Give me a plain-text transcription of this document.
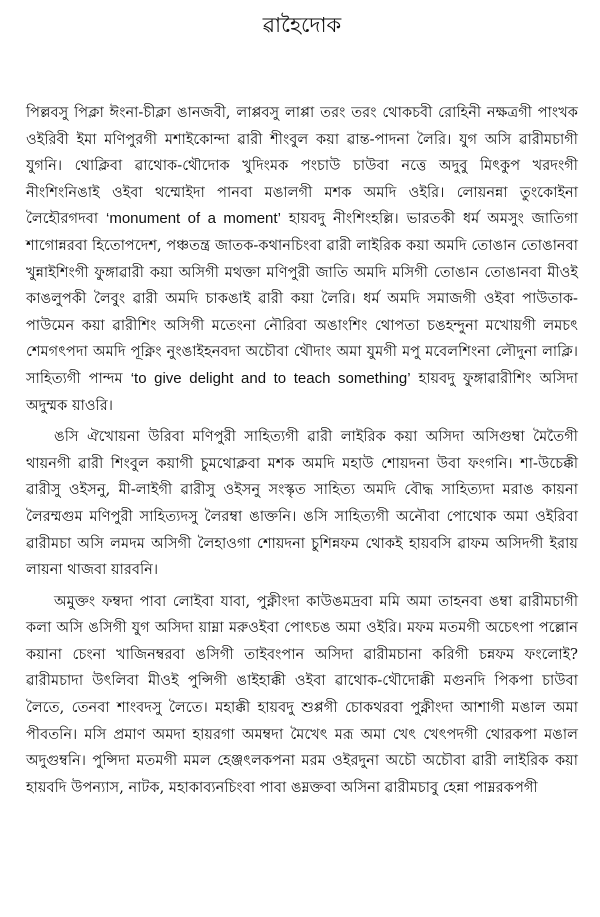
ৱাহৈদোক

পিল্লবসু পিক্লা ঈংনা-চীক্লা ঙানজবী, লাপ্পবসু লাপ্পা তরং তরং থোকচবী রোহিনী নক্ষত্রগী পাংখক ওইরিবী ইমা মণিপুরগী মশাইকোন্দা ৱারী শীংবুল কয়া ৱান্ত-পাদনা লৈরি। যুগ অসি ৱারীমচাগী যুগনি। থোক্লিবা ৱাথোক-থৌদোক খুদিংমক পংচাউ চাউবা নত্তে অদুবু মিৎকুপ খরদংগী নীংশিংনিঙাই ওইবা থম্মোইদা পানবা মঙালগী মশক অমদি ওইরি। লোয়নন্না তুংকোইনা লৈহৌরগদবা ‘monument of a moment’ হায়বদু নীংশিংহল্লি। ভারতকী ধর্ম অমসুং জাতিগা শাগোন্নরবা হিতোপদেশ, পঞ্চতন্ত্র জাতক-কথানচিংবা ৱারী লাইরিক কয়া অমদি তোঙান তোঙানবা খুন্নাইশিংগী ফুঙ্গাৱারী কয়া অসিগী মথক্তা মণিপুরী জাতি অমদি মসিগী তোঙান তোঙানবা মীওই কাঙলুপকী লৈবুং ৱারী অমদি চাকঙাই ৱারী কয়া লৈরি। ধর্ম অমদি সমাজগী ওইবা পাউতাক-পাউমেন কয়া ৱারীশিং অসিগী মতেংনা নৌরিবা অঙাংশিং থোপতা চঙহন্দুনা মখোয়গী লমচৎ শেমগৎপদা অমদি পূক্নিং নুংঙাইহনবদা অচৌবা থৌদাং অমা যুমগী মপু মবেলশিংনা লৌদুনা লাক্লি। সাহিত্যগী পান্দম ‘to give delight and to teach something’ হায়বদু ফুঙ্গাৱারীশিং অসিদা অদুম্মক য়াওরি।

ঙসি ঐখোয়না উরিবা মণিপুরী সাহিত্যগী ৱারী লাইরিক কয়া অসিদা অসিগুম্বা মৈতৈগী থায়নগী ৱারী শিংবুল কয়াগী চুমথোক্লবা মশক অমদি মহাউ শোয়দনা উবা ফংগনি। শা-উচেক্কী ৱারীসু ওইসনু, মী-লাইগী ৱারীসু ওইসনু সংস্কৃত সাহিত্য অমদি বৌদ্ধ সাহিত্যদা মরাঙ কায়না লৈরম্মগুম মণিপুরী সাহিত্যদসু লৈরম্বা ঙাক্তনি। ঙসি সাহিত্যগী অনৌবা পোথোক অমা ওইরিবা ৱারীমচা অসি লমদম অসিগী লৈহাওগা শোয়দনা চুশিন্নফম থোকই হায়বসি ৱাফম অসিদগী ইরায় লায়না থাজবা য়ারবনি।

অমুক্তং ফম্বদা পাবা লোইবা যাবা, পুক্নীংদা কাউঙমদ্রবা মমি অমা তাহনবা ঙম্বা ৱারীমচাগী কলা অসি ঙসিগী যুগ অসিদা য়াম্না মরুওইবা পোৎচঙ অমা ওইরি। মফম মতমগী অচেৎপা পল্লোন কয়ানা চেংনা খাজিনম্বরবা ঙসিগী তাইবংপান অসিদা ৱারীমচানা করিগী চন্নফম ফংলোই? ৱারীমচাদা উৎলিবা মীওই পুন্সিগী ঙাইহাক্কী ওইবা ৱাথোক-থৌদোক্কী মগুনদি পিকপা চাউবা লৈতে, তেনবা শাংবদসু লৈতে। মহাক্কী হায়বদু শুপ্পগী চোকথরবা পুক্নীংদা আশাগী মঙাল অমা পীবতনি। মসি প্রমাণ অমদা হায়রগা অমম্বদা মৈখেৎ মরূ অমা খেৎ খেৎপদগী থোরকপা মঙাল অদুগুম্বনি। পুন্সিদা মতমগী মমল হেঞ্জৎলকপনা মরম ওইরদুনা অচৌ অচৌবা ৱারী লাইরিক কয়া হায়বদি উপন্যাস, নাটক, মহাকাব্যনচিংবা পাবা ঙম্নক্তবা অসিনা ৱারীমচাবু হেন্না পাম্নরকপগী
